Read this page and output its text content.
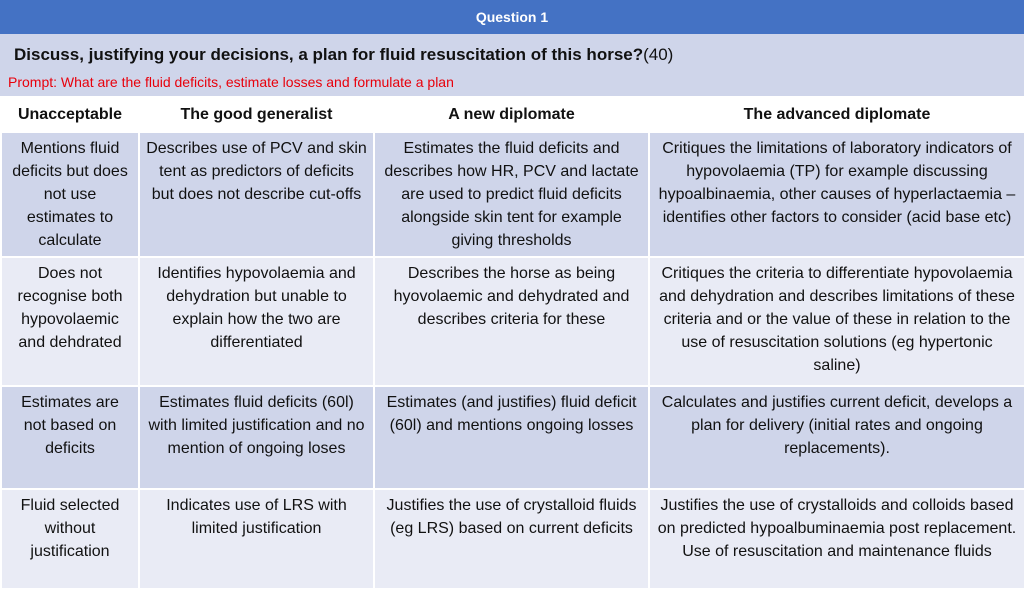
Question 1
Discuss, justifying your decisions, a plan for fluid resuscitation of this horse?(40)
Prompt: What are the fluid deficits, estimate losses and formulate a plan
Unacceptable	The good generalist	A new diplomate	The advanced diplomate
Mentions fluid deficits but does not use estimates to calculate	Describes use of PCV and skin tent as predictors of deficits but does not describe cut-offs	Estimates the fluid deficits and describes how HR, PCV and lactate are used to predict fluid deficits alongside skin tent for example giving thresholds	Critiques the limitations of laboratory indicators of hypovolaemia (TP) for example discussing hypoalbinaemia, other causes of hyperlactaemia – identifies other factors to consider (acid base etc)
Does not recognise both hypovolaemic and dehdrated	Identifies hypovolaemia and dehydration but unable to explain how the two are differentiated	Describes the horse as being hyovolaemic and dehydrated and describes criteria for these	Critiques the criteria to differentiate hypovolaemia and dehydration and describes limitations of these criteria and or the value of these in relation to the use of resuscitation solutions (eg hypertonic saline)
Estimates are not based on deficits	Estimates fluid deficits (60l) with limited justification and no mention of ongoing loses	Estimates (and justifies) fluid deficit (60l) and mentions ongoing losses	Calculates and justifies current deficit, develops a plan for delivery (initial rates and ongoing replacements).
Fluid selected without justification	Indicates use of LRS with limited justification	Justifies the use of crystalloid fluids (eg LRS) based on current deficits	Justifies the use of crystalloids and colloids based on predicted hypoalbuminaemia post replacement. Use of resuscitation and maintenance fluids
